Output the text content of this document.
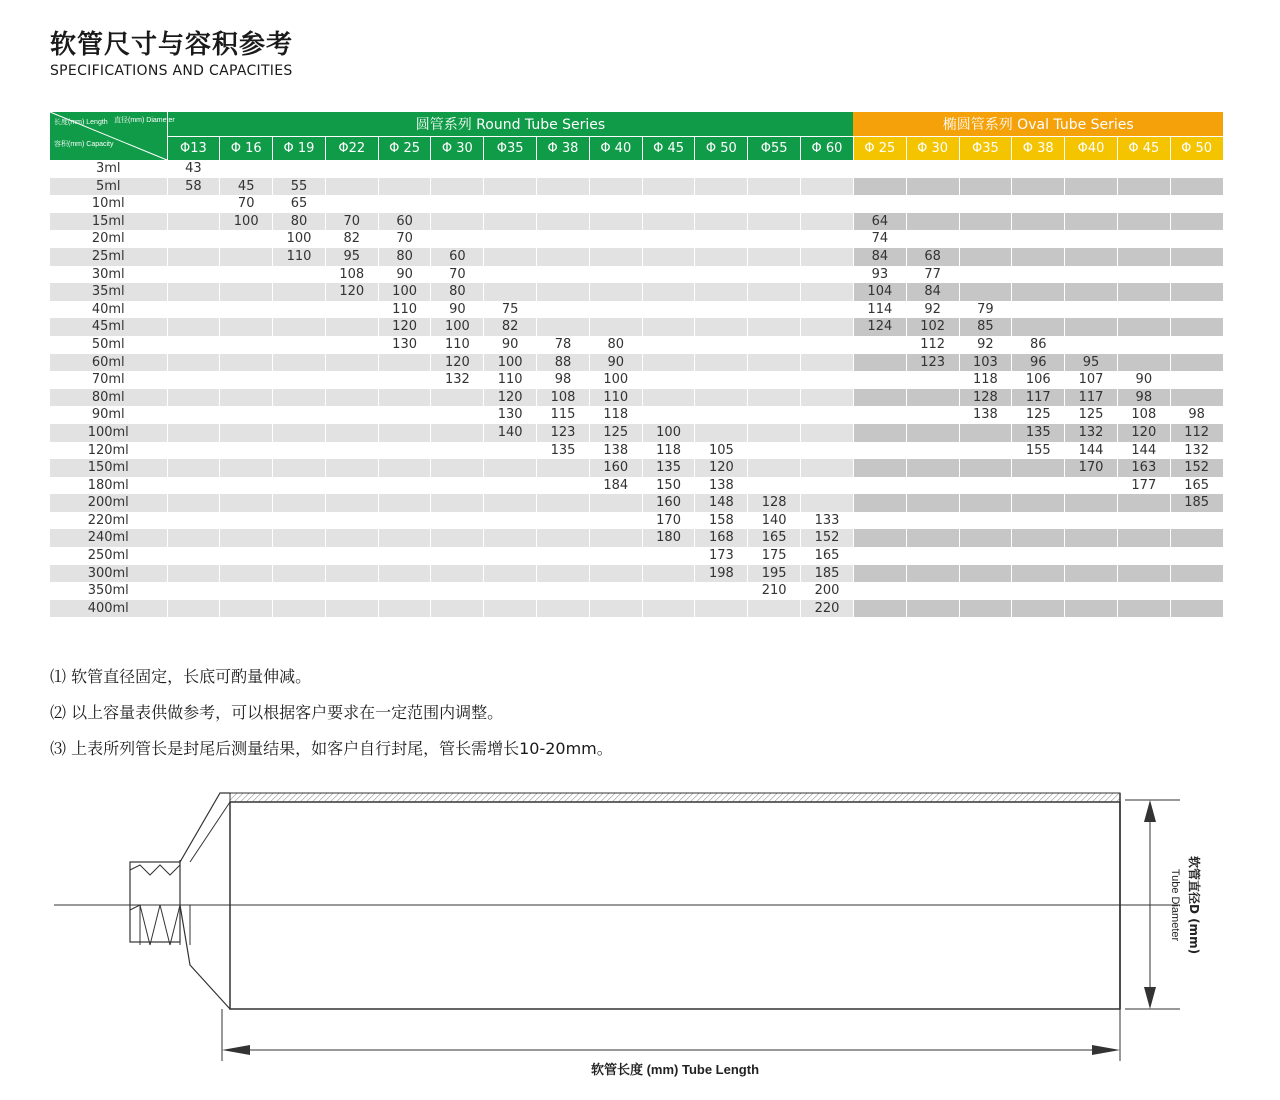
软管尺寸与容积参考
SPECIFICATIONS AND CAPACITIES
长度(mm) Length 直径(mm) Diameter
容积(mm) Capacity	圆管系列 Round Tube Series													椭圆管系列 Oval Tube Series						
	Φ13	Φ 16	Φ 19	Φ22	Φ 25	Φ 30	Φ35	Φ 38	Φ 40	Φ 45	Φ 50	Φ55	Φ 60	Φ 25	Φ 30	Φ35	Φ 38	Φ40	Φ 45	Φ 50
3ml	43																			
5ml	58	45	55																	
10ml		70	65																	
15ml		100	80	70	60									64						
20ml			100	82	70									74						
25ml			110	95	80	60								84	68					
30ml				108	90	70								93	77					
35ml				120	100	80								104	84					
40ml					110	90	75							114	92	79				
45ml					120	100	82							124	102	85				
50ml					130	110	90	78	80						112	92	86			
60ml						120	100	88	90						123	103	96	95		
70ml						132	110	98	100							118	106	107	90	
80ml							120	108	110							128	117	117	98	
90ml							130	115	118							138	125	125	108	98
100ml							140	123	125	100							135	132	120	112
120ml								135	138	118	105						155	144	144	132
150ml									160	135	120							170	163	152
180ml									184	150	138								177	165
200ml										160	148	128								185
220ml										170	158	140	133							
240ml										180	168	165	152							
250ml											173	175	165							
300ml											198	195	185							
350ml												210	200							
400ml													220							
⑴ 软管直径固定，长底可酌量伸减。
⑵ 以上容量表供做参考，可以根据客户要求在一定范围内调整。
⑶ 上表所列管长是封尾后测量结果，如客户自行封尾，管长需增长10-20mm。
软管长度 (mm) Tube Length
软管直径D (mm)
Tube Diameter
